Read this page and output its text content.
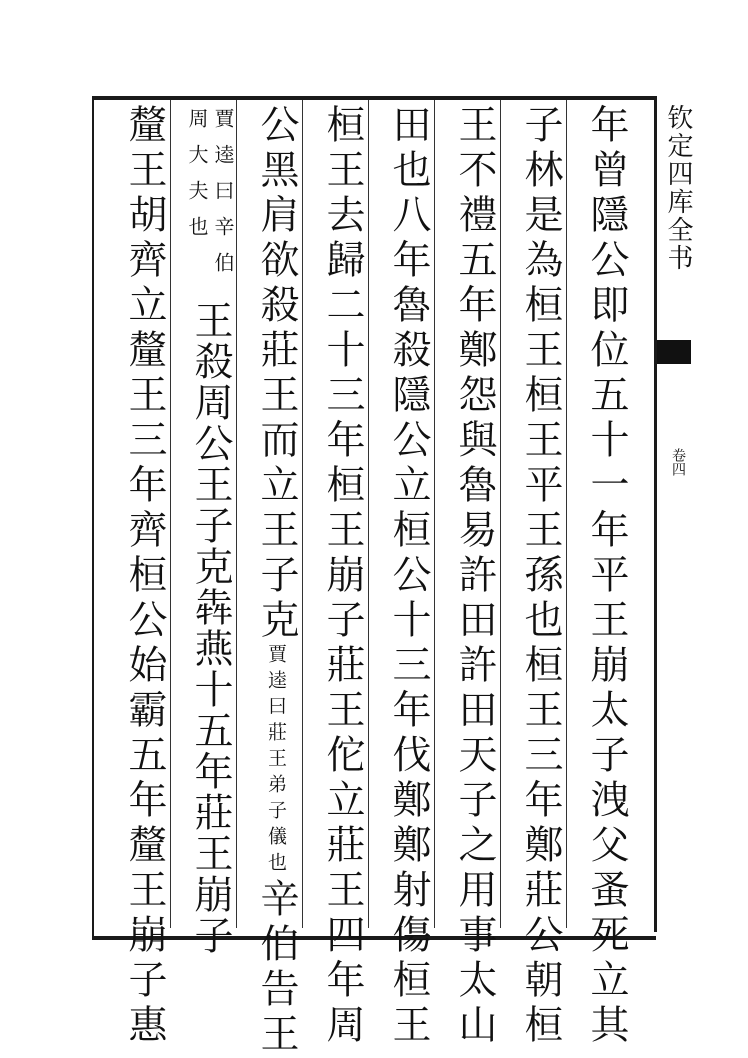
钦定四库全书
卷四
年曾隱公即位五十一年平王崩太子洩父蚤死立其
子林是為桓王桓王平王孫也桓王三年鄭莊公朝桓
王不禮五年鄭怨與魯易許田許田天子之用事太山
田也八年魯殺隱公立桓公十三年伐鄭鄭射傷桓王
桓王去歸二十三年桓王崩子莊王佗立莊王四年周
公黑肩欲殺莊王而立王子克賈逵曰莊王弟子儀也辛伯告王
賈逵曰辛伯
周大夫也
王殺周公王子克犇燕十五年莊王崩子
釐王胡齊立釐王三年齊桓公始霸五年釐王崩子惠
